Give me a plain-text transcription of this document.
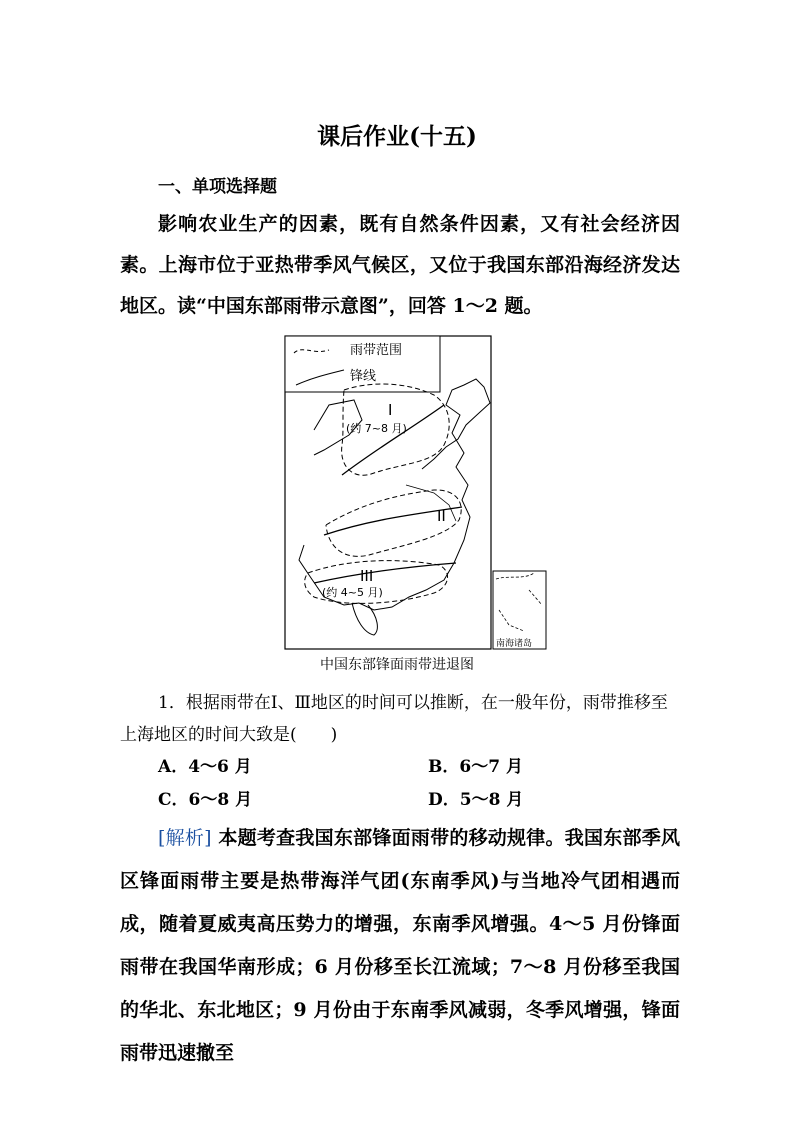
课后作业(十五)
一、单项选择题
影响农业生产的因素，既有自然条件因素，又有社会经济因素。上海市位于亚热带季风气候区，又位于我国东部沿海经济发达地区。读“中国东部雨带示意图”，回答 1～2 题。
雨带范围
锋线
I
(约 7~8 月)
II
III
(约 4~5 月)
南海诸岛
中国东部锋面雨带进退图
1．根据雨带在Ⅰ、Ⅲ地区的时间可以推断，在一般年份，雨带推移至上海地区的时间大致是(　　)
A．4～6 月	B．6～7 月
C．6～8 月	D．5～8 月
[解析] 本题考查我国东部锋面雨带的移动规律。我国东部季风区锋面雨带主要是热带海洋气团(东南季风)与当地冷气团相遇而成，随着夏威夷高压势力的增强，东南季风增强。4～5 月份锋面雨带在我国华南形成；6 月份移至长江流域；7～8 月份移至我国的华北、东北地区；9 月份由于东南季风减弱，冬季风增强，锋面雨带迅速撤至
